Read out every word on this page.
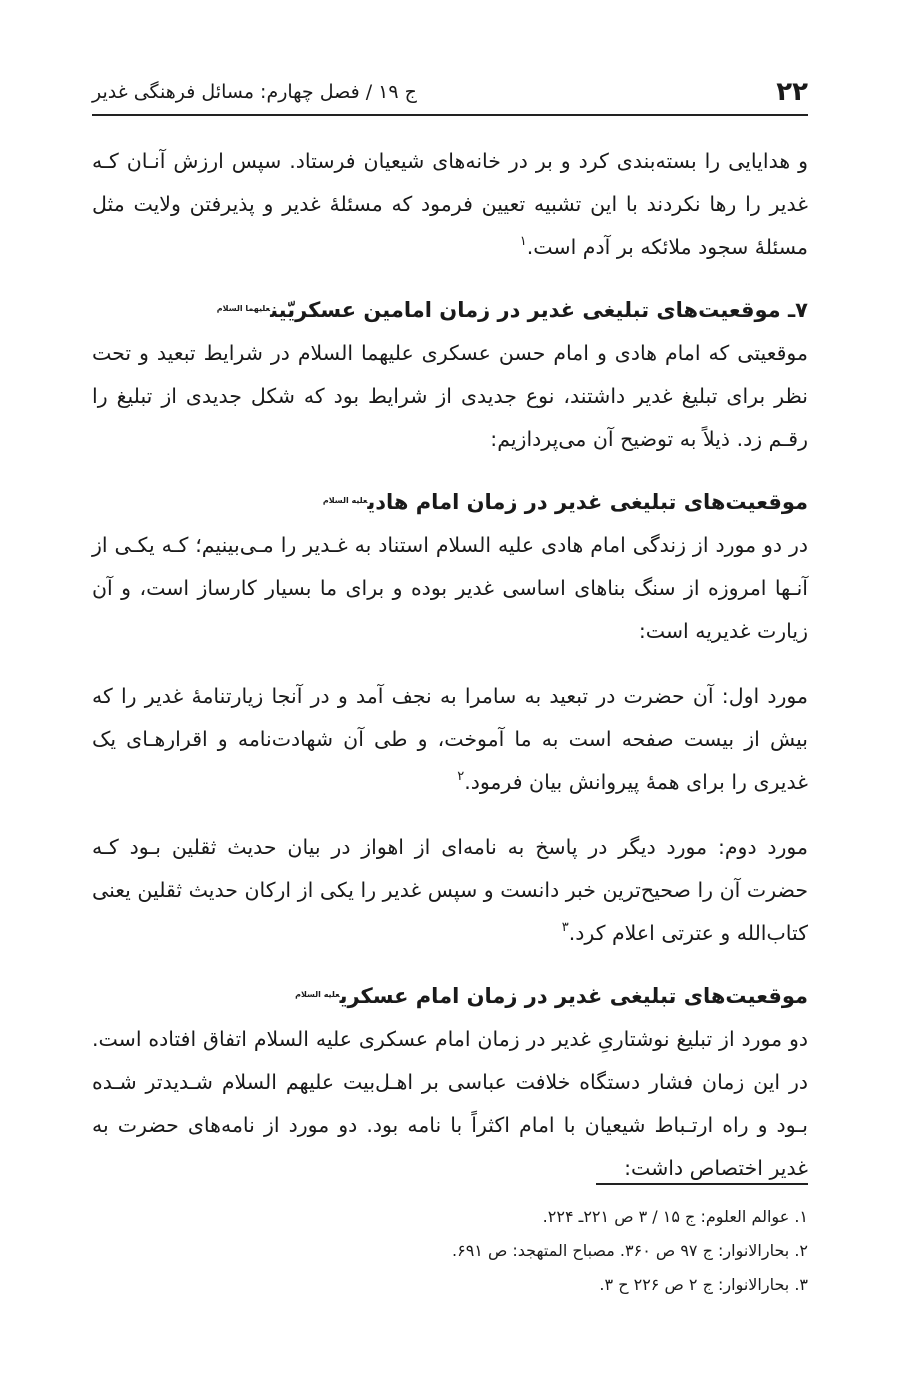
۲۲
ج ۱۹ / فصل چهارم: مسائل فرهنگی غدیر

و هدایایی را بسته‌بندی کرد و بر در خانه‌های شیعیان فرستاد. سپس ارزش آنـان کـه غدیر را رها نکردند با این تشبیه تعیین فرمود که مسئلهٔ غدیر و پذیرفتن ولایت مثل مسئلهٔ سجود ملائکه بر آدم است.$^۱$

۷ـ موقعیت‌های تبلیغی غدیر در زمان امامین عسکریّین$^{علیهما السلام}$

موقعیتی که امام هادی و امام حسن عسکری علیهما السلام در شرایط تبعید و تحت نظر برای تبلیغ غدیر داشتند، نوع جدیدی از شرایط بود که شکل جدیدی از تبلیغ را رقـم زد. ذیلاً به توضیح آن می‌پردازیم:

موقعیت‌های تبلیغی غدیر در زمان امام هادی$^{علیه السلام}$

در دو مورد از زندگی امام هادی علیه السلام استناد به غـدیر را مـی‌بینیم؛ کـه یکـی از آنـها امروزه از سنگ بناهای اساسی غدیر بوده و برای ما بسیار کارساز است، و آن زیارت غدیریه است:

مورد اول: آن حضرت در تبعید به سامرا به نجف آمد و در آنجا زیارتنامهٔ غدیر را که بیش از بیست صفحه است به ما آموخت، و طی آن شهادت‌نامه و اقرارهـای یک غدیری را برای همهٔ پیروانش بیان فرمود.$^۲$

مورد دوم: مورد دیگر در پاسخ به نامه‌ای از اهواز در بیان حدیث ثقلین بـود کـه حضرت آن را صحیح‌ترین خبر دانست و سپس غدیر را یکی از ارکان حدیث ثقلین یعنی کتاب‌الله و عترتی اعلام کرد.$^۳$

موقعیت‌های تبلیغی غدیر در زمان امام عسکری$^{علیه السلام}$

دو مورد از تبلیغ نوشتاریِ غدیر در زمان امام عسکری علیه السلام اتفاق افتاده است. در این زمان فشار دستگاه خلافت عباسی بر اهـل‌بیت علیهم السلام شـدیدتر شـده بـود و راه ارتـباط شیعیان با امام اکثراً با نامه بود. دو مورد از نامه‌های حضرت به غدیر اختصاص داشت:

۱. عوالم العلوم: ج ۱۵ / ۳ ص ۲۲۱ـ ۲۲۴.

۲. بحارالانوار: ج ۹۷ ص ۳۶۰. مصباح المتهجد: ص ۶۹۱.

۳. بحارالانوار: ج ۲ ص ۲۲۶ ح ۳.
